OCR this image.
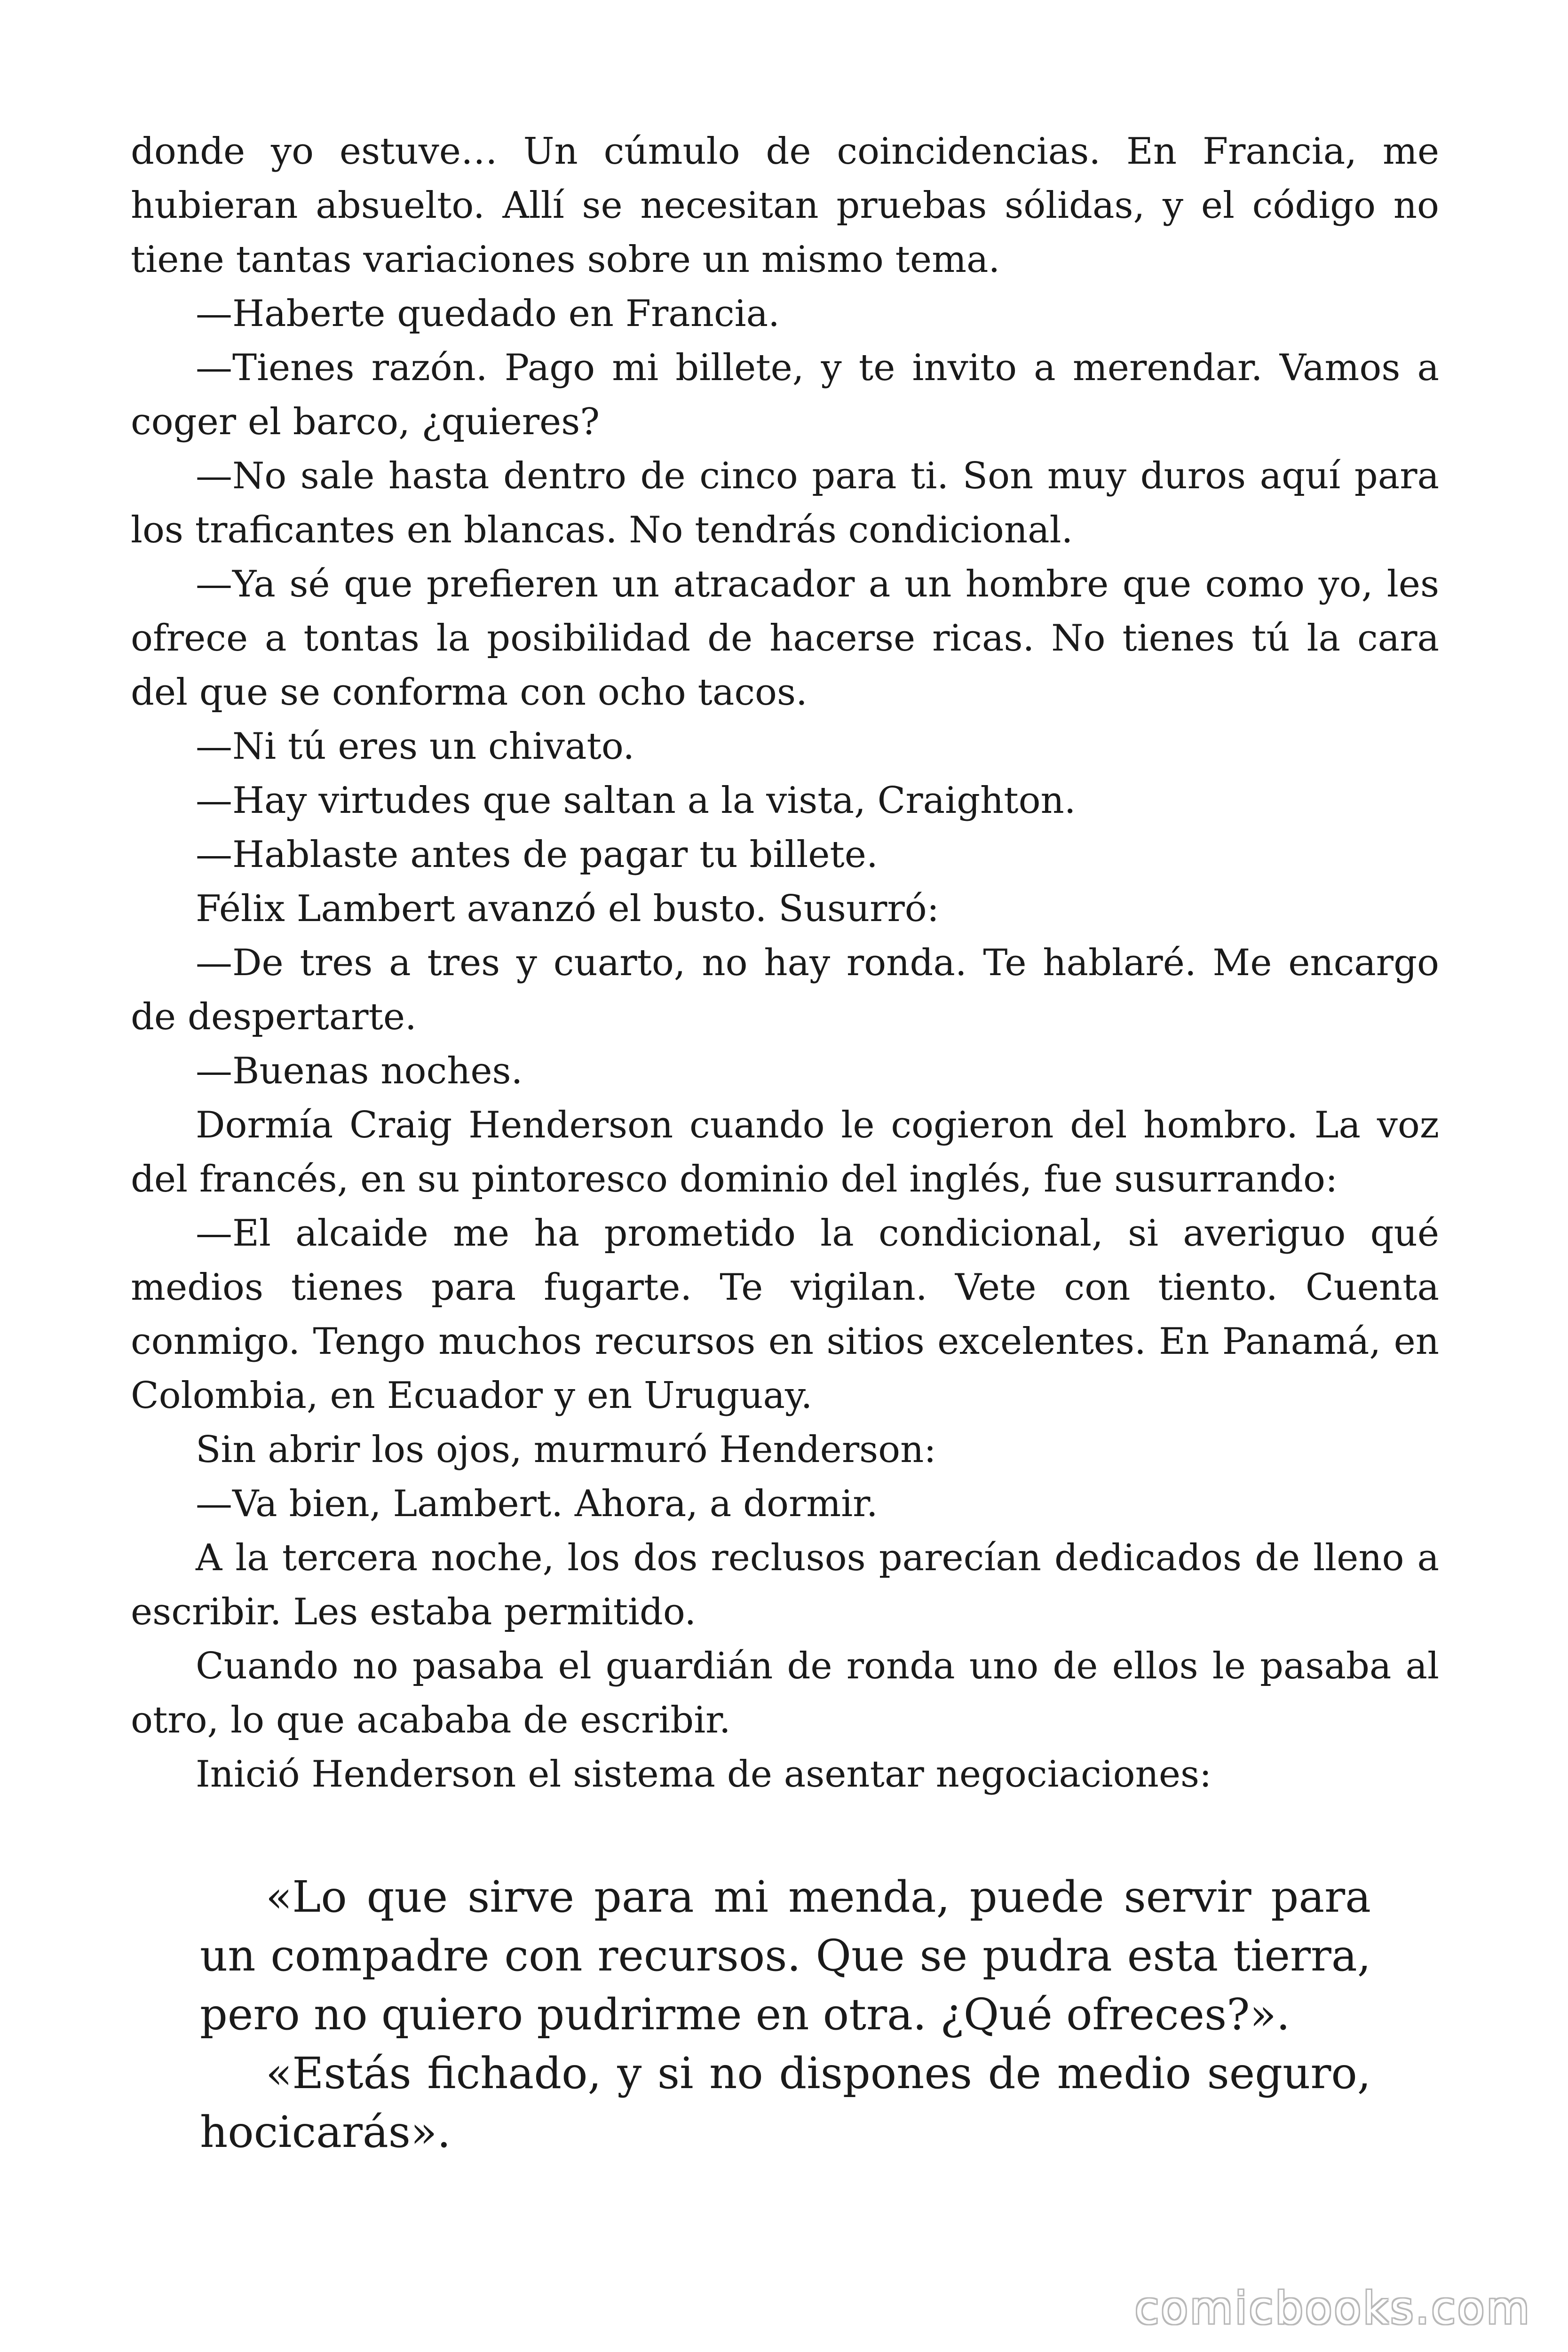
donde yo estuve… Un cúmulo de coincidencias. En Francia, me hubieran absuelto. Allí se necesitan pruebas sólidas, y el código no tiene tantas variaciones sobre un mismo tema.

—Haberte quedado en Francia.

—Tienes razón. Pago mi billete, y te invito a merendar. Vamos a coger el barco, ¿quieres?

—No sale hasta dentro de cinco para ti. Son muy duros aquí para los traficantes en blancas. No tendrás condicional.

—Ya sé que prefieren un atracador a un hombre que como yo, les ofrece a tontas la posibilidad de hacerse ricas. No tienes tú la cara del que se conforma con ocho tacos.

—Ni tú eres un chivato.

—Hay virtudes que saltan a la vista, Craighton.

—Hablaste antes de pagar tu billete.

Félix Lambert avanzó el busto. Susurró:

—De tres a tres y cuarto, no hay ronda. Te hablaré. Me encargo de despertarte.

—Buenas noches.

Dormía Craig Henderson cuando le cogieron del hombro. La voz del francés, en su pintoresco dominio del inglés, fue susurrando:

—El alcaide me ha prometido la condicional, si averiguo qué medios tienes para fugarte. Te vigilan. Vete con tiento. Cuenta conmigo. Tengo muchos recursos en sitios excelentes. En Panamá, en Colombia, en Ecuador y en Uruguay.

Sin abrir los ojos, murmuró Henderson:

—Va bien, Lambert. Ahora, a dormir.

A la tercera noche, los dos reclusos parecían dedicados de lleno a escribir. Les estaba permitido.

Cuando no pasaba el guardián de ronda uno de ellos le pasaba al otro, lo que acababa de escribir.

Inició Henderson el sistema de asentar negociaciones:

«Lo que sirve para mi menda, puede servir para un compadre con recursos. Que se pudra esta tierra, pero no quiero pudrirme en otra. ¿Qué ofreces?».

«Estás fichado, y si no dispones de medio seguro, hocicarás».

comicbooks.com
